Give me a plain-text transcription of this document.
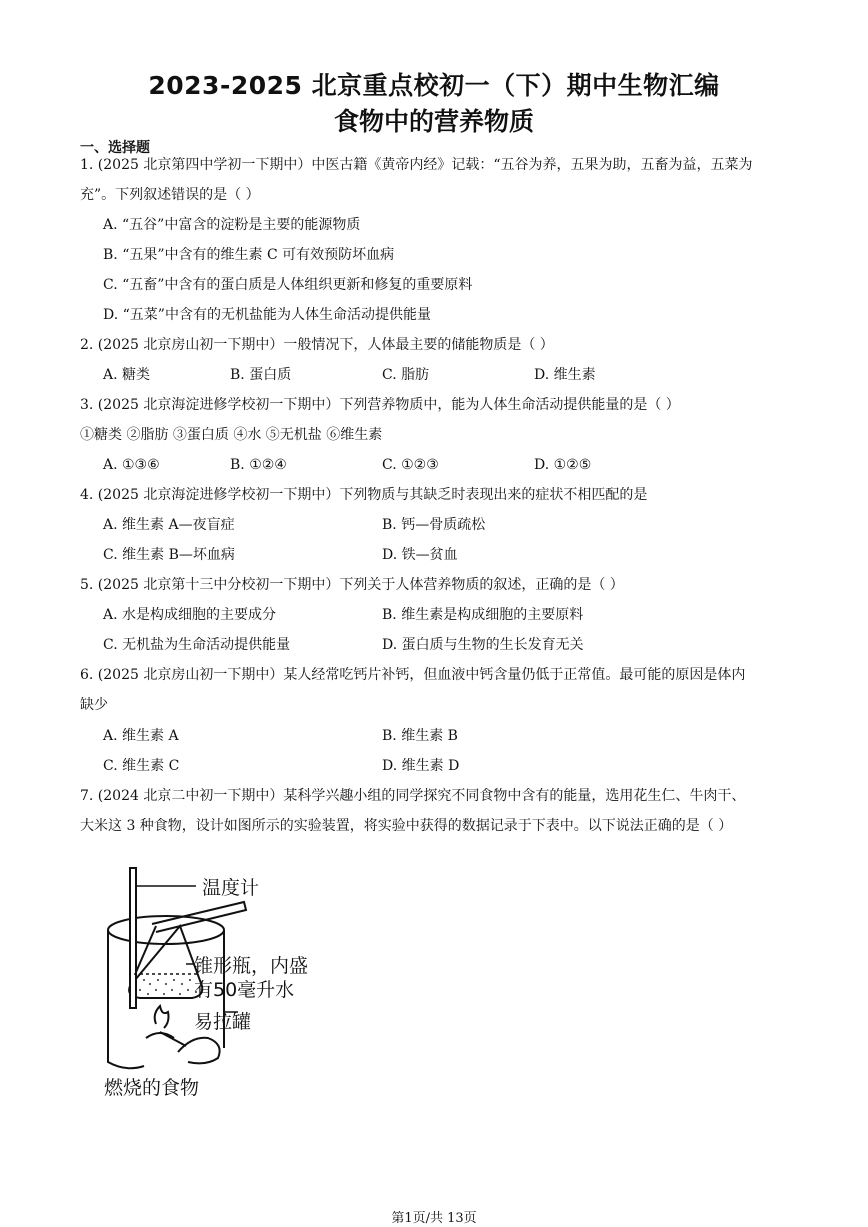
2023-2025 北京重点校初一（下）期中生物汇编
食物中的营养物质
一、选择题
1. (2025 北京第四中学初一下期中）中医古籍《黄帝内经》记载：“五谷为养，五果为助，五畜为益，五菜为
充”。下列叙述错误的是（ ）
A. “五谷”中富含的淀粉是主要的能源物质
B. “五果”中含有的维生素 C 可有效预防坏血病
C. “五畜”中含有的蛋白质是人体组织更新和修复的重要原料
D. “五菜”中含有的无机盐能为人体生命活动提供能量
2. (2025 北京房山初一下期中）一般情况下，人体最主要的储能物质是（ ）
A. 糖类	B. 蛋白质	C. 脂肪	D. 维生素
3. (2025 北京海淀进修学校初一下期中）下列营养物质中，能为人体生命活动提供能量的是（ ）
①糖类 ②脂肪 ③蛋白质 ④水 ⑤无机盐 ⑥维生素
A. ①③⑥	B. ①②④	C. ①②③	D. ①②⑤
4. (2025 北京海淀进修学校初一下期中）下列物质与其缺乏时表现出来的症状不相匹配的是
A. 维生素 A—夜盲症	B. 钙—骨质疏松
C. 维生素 B—坏血病	D. 铁—贫血
5. (2025 北京第十三中分校初一下期中）下列关于人体营养物质的叙述，正确的是（ ）
A. 水是构成细胞的主要成分	B. 维生素是构成细胞的主要原料
C. 无机盐为生命活动提供能量	D. 蛋白质与生物的生长发育无关
6. (2025 北京房山初一下期中）某人经常吃钙片补钙，但血液中钙含量仍低于正常值。最可能的原因是体内
缺少
A. 维生素 A	B. 维生素 B
C. 维生素 C	D. 维生素 D
7. (2024 北京二中初一下期中）某科学兴趣小组的同学探究不同食物中含有的能量，选用花生仁、牛肉干、
大米这 3 种食物，设计如图所示的实验装置，将实验中获得的数据记录于下表中。以下说法正确的是（ ）
温度计
锥形瓶，内盛
有50毫升水
易拉罐
燃烧的食物
第1页/共 13页
